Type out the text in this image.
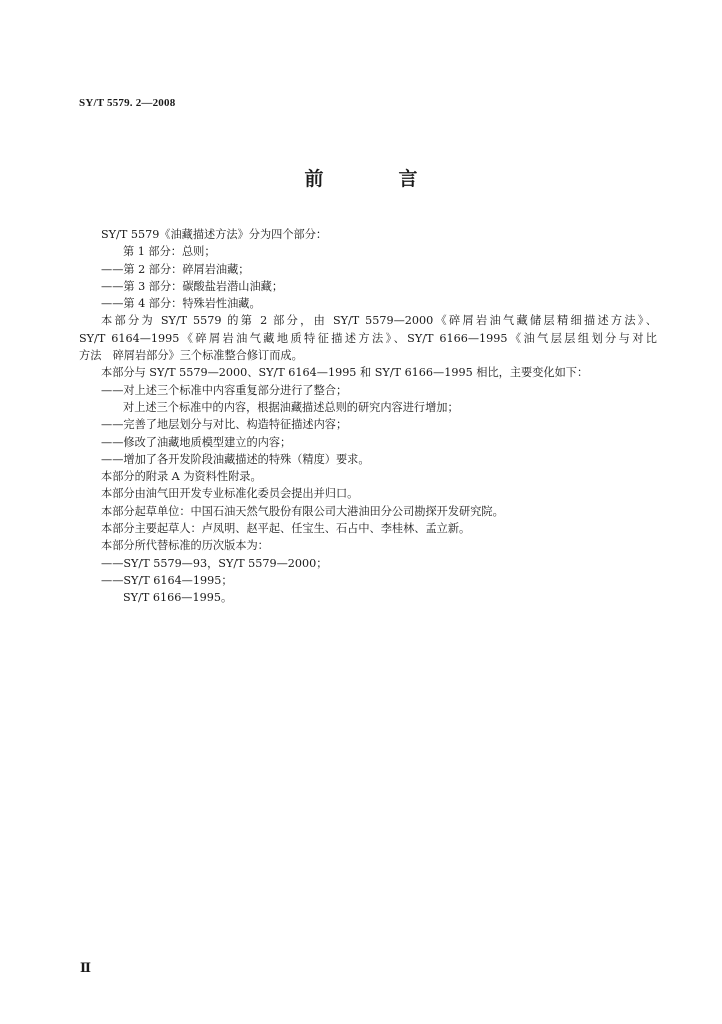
SY/T 5579. 2—2008
前　言
SY/T 5579《油藏描述方法》分为四个部分：
第 1 部分：总则；
——第 2 部分：碎屑岩油藏；
——第 3 部分：碳酸盐岩潜山油藏；
——第 4 部分：特殊岩性油藏。
本部分为 SY/T 5579 的第 2 部分，由 SY/T 5579—2000《碎屑岩油气藏储层精细描述方法》、
SY/T 6164—1995《碎屑岩油气藏地质特征描述方法》、SY/T 6166—1995《油气层层组划分与对比
方法　碎屑岩部分》三个标准整合修订而成。
本部分与 SY/T 5579—2000、SY/T 6164—1995 和 SY/T 6166—1995 相比，主要变化如下：
——对上述三个标准中内容重复部分进行了整合；
对上述三个标准中的内容，根据油藏描述总则的研究内容进行增加；
——完善了地层划分与对比、构造特征描述内容；
——修改了油藏地质模型建立的内容；
——增加了各开发阶段油藏描述的特殊（精度）要求。
本部分的附录 A 为资料性附录。
本部分由油气田开发专业标准化委员会提出并归口。
本部分起草单位：中国石油天然气股份有限公司大港油田分公司勘探开发研究院。
本部分主要起草人：卢凤明、赵平起、任宝生、石占中、李桂林、孟立新。
本部分所代替标准的历次版本为：
——SY/T 5579—93，SY/T 5579—2000；
——SY/T 6164—1995；
SY/T 6166—1995。
Ⅱ
